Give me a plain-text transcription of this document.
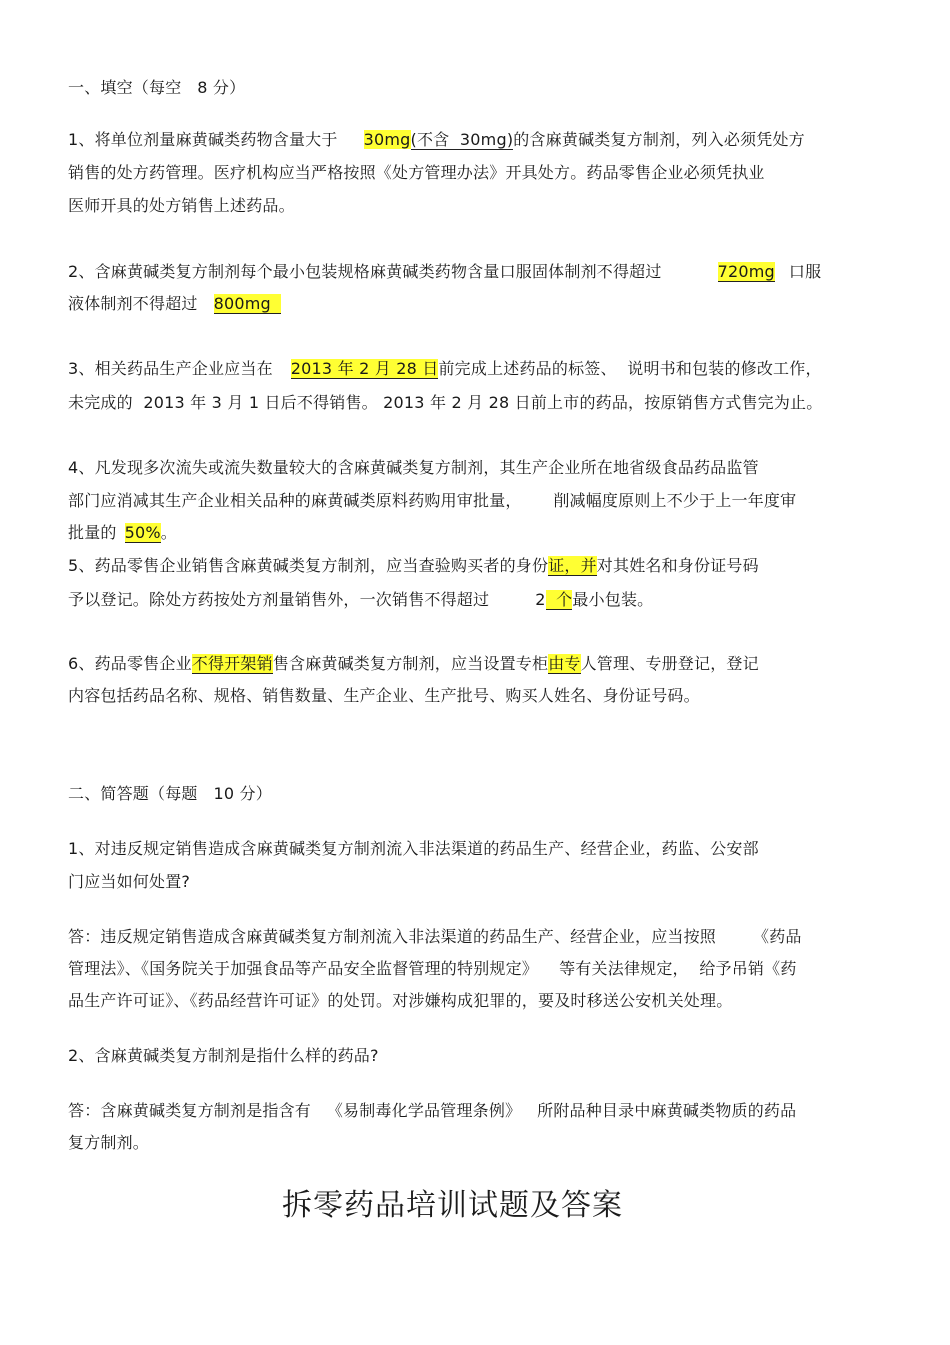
一、填空（每空   8 分）
1、将单位剂量麻黄碱类药物含量大于 30mg(不含  30mg)的含麻黄碱类复方制剂，列入必须凭处方
销售的处方药管理。医疗机构应当严格按照《处方管理办法》开具处方。药品零售企业必须凭执业
医师开具的处方销售上述药品。
2、含麻黄碱类复方制剂每个最小包装规格麻黄碱类药物含量口服固体制剂不得超过	720mg 口服
液体制剂不得超过 800mg
3、相关药品生产企业应当在 2013 年 2 月 28 日前完成上述药品的标签、  说明书和包装的修改工作，
未完成的  2013 年 3 月 1 日后不得销售。 2013 年 2 月 28 日前上市的药品，按原销售方式售完为止。
4、凡发现多次流失或流失数量较大的含麻黄碱类复方制剂，其生产企业所在地省级食品药品监管
部门应消减其生产企业相关品种的麻黄碱类原料药购用审批量，      削减幅度原则上不少于上一年度审
批量的 50%。
5、药品零售企业销售含麻黄碱类复方制剂，应当查验购买者的身份证，并对其姓名和身份证号码
予以登记。除处方药按处方剂量销售外，一次销售不得超过	2 个最小包装。
6、药品零售企业不得开架销售含麻黄碱类复方制剂，应当设置专柜由专人管理、专册登记，登记
内容包括药品名称、规格、销售数量、生产企业、生产批号、购买人姓名、身份证号码。
二、简答题（每题   10 分）
1、对违反规定销售造成含麻黄碱类复方制剂流入非法渠道的药品生产、经营企业，药监、公安部
门应当如何处置?
答：违反规定销售造成含麻黄碱类复方制剂流入非法渠道的药品生产、经营企业，应当按照       《药品
管理法》、《国务院关于加强食品等产品安全监督管理的特别规定》    等有关法律规定，  给予吊销《药
品生产许可证》、《药品经营许可证》的处罚。对涉嫌构成犯罪的，要及时移送公安机关处理。
2、含麻黄碱类复方制剂是指什么样的药品?
答：含麻黄碱类复方制剂是指含有   《易制毒化学品管理条例》   所附品种目录中麻黄碱类物质的药品
复方制剂。
拆零药品培训试题及答案
